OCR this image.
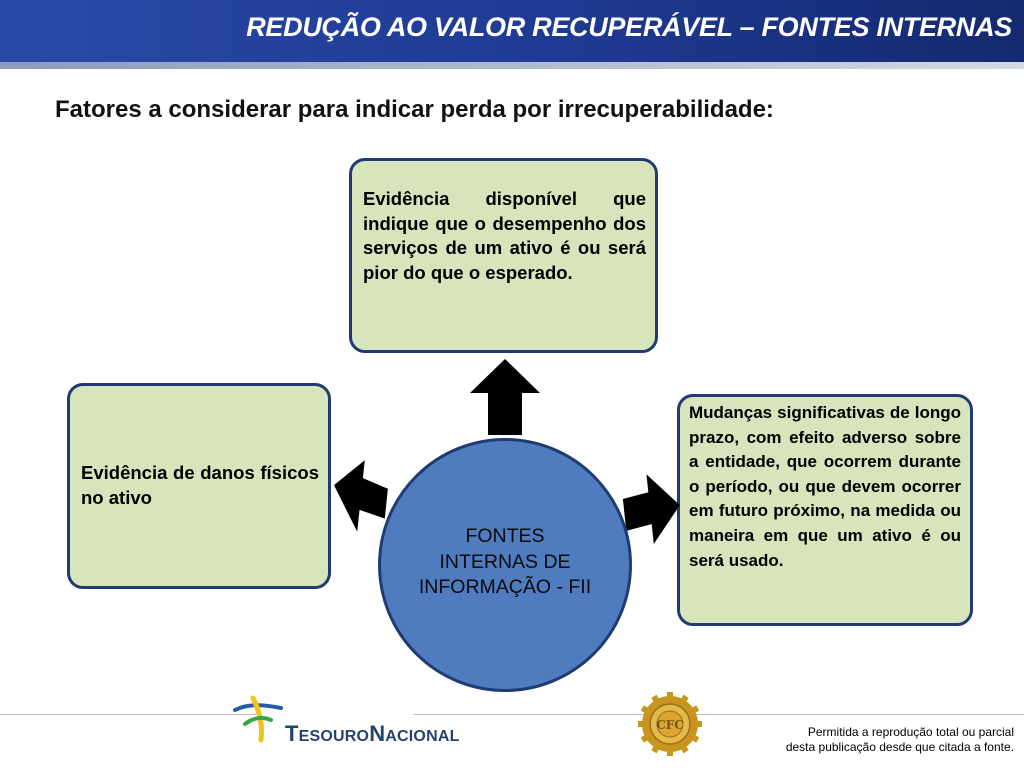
REDUÇÃO AO VALOR RECUPERÁVEL – FONTES INTERNAS
Fatores a considerar para indicar perda por irrecuperabilidade:

Evidência disponível que indique que o desempenho dos serviços de um ativo é ou será pior do que o esperado.

Evidência de danos físicos no ativo

Mudanças significativas de longo prazo, com efeito adverso sobre a entidade, que ocorrem durante o período, ou que devem ocorrer em futuro próximo, na medida ou maneira em que um ativo é ou será usado.

FONTES INTERNAS DE INFORMAÇÃO - FII
TESOURONACIONAL
CFC	Permitida a reprodução total ou parcial
desta publicação desde que citada a fonte.
